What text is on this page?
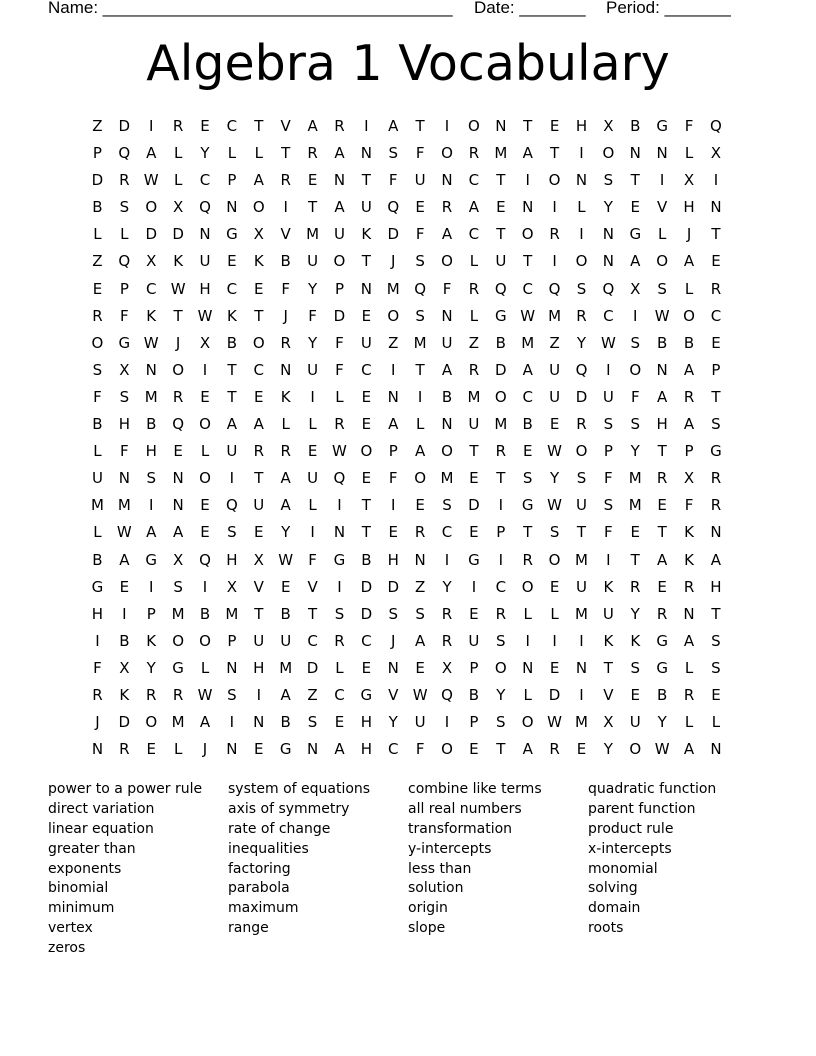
Name: _____________________________________ Date: _______ Period: _______
Algebra 1 Vocabulary
Z	D	I	R	E	C	T	V	A	R	I	A	T	I	O	N	T	E	H	X	B	G	F	Q
P	Q	A	L	Y	L	L	T	R	A	N	S	F	O	R	M	A	T	I	O	N	N	L	X
D	R W	L	C	P	A	R	E	N	T	F	U	N	C	T	I	O	N	S	T	I	X	I
B	S	O	X	Q	N	O	I	T	A	U	Q	E	R	A	E	N	I	L	Y	E	V	H	N
L	L	D	D	N	G	X	V	M U	K	D	F	A	C	T	O	R	I	N	G	L	J	T
Z	Q	X	K	U	E	K	B	U	O	T	J	S	O	L	U	T	I	O	N	A	O	A	E
E	P	C W H	C	E	F	Y	P	N M Q	F	R	Q	C	Q	S	Q	X	S	L	R
R	F	K	T W K	T	J	F	D	E	O	S	N	L	G W M	R	C	I	W O	C
O	G W	J	X	B	O	R	Y	F	U	Z	M U	Z	B	M	Z	Y W S	B	B	E
S	X	N	O	I	T	C	N	U	F	C	I	T	A	R	D	A	U	Q	I	O	N	A	P
F	S	M	R	E	T	E	K	I	L	E	N	I	B	M O	C	U	D	U	F	A	R	T
B	H	B	Q	O	A	A	L	L	R	E	A	L	N	U M	B	E	R	S	S	H	A	S
L	F	H	E	L	U	R	R	E W O	P	A	O	T	R	E W O	P	Y	T	P	G
U	N	S	N	O	I	T	A	U	Q	E	F	O M	E	T	S	Y	S	F	M	R	X	R
M M	I	N	E	Q	U	A	L	I	T	I	E	S	D	I	G W U	S	M	E	F	R
L	W A	A	E	S	E	Y	I	N	T	E	R	C	E	P	T	S	T	F	E	T	K	N
B	A	G	X	Q	H	X W	F	G	B	H	N	I	G	I	R	O M	I	T	A	K	A
G	E	I	S	I	X	V	E	V	I	D	D	Z	Y	I	C	O	E	U	K	R	E	R	H
H	I	P	M	B	M	T	B	T	S	D	S	S	R	E	R	L	L	M U	Y	R	N	T
I	B	K	O	O	P	U	U	C	R	C	J	A	R	U	S	I	I	I	K	K	G	A	S
F	X	Y	G	L	N	H M D	L	E	N	E	X	P	O	N	E	N	T	S	G	L	S
R	K	R	R W S	I	A	Z	C	G	V W Q	B	Y	L	D	I	V	E	B	R	E
J	D	O M	A	I	N	B	S	E	H	Y	U	I	P	S	O W M	X	U	Y	L	L
N	R	E	L	J	N	E	G	N	A	H	C	F	O	E	T	A	R	E	Y	O W A	N
power to a power rule
direct variation
linear equation
greater than
exponents
binomial
minimum
vertex
zeros
system of equations
axis of symmetry
rate of change
inequalities
factoring
parabola
maximum
range
combine like terms
all real numbers
transformation
y-intercepts
less than
solution
origin
slope
quadratic function
parent function
product rule
x-intercepts
monomial
solving
domain
roots
